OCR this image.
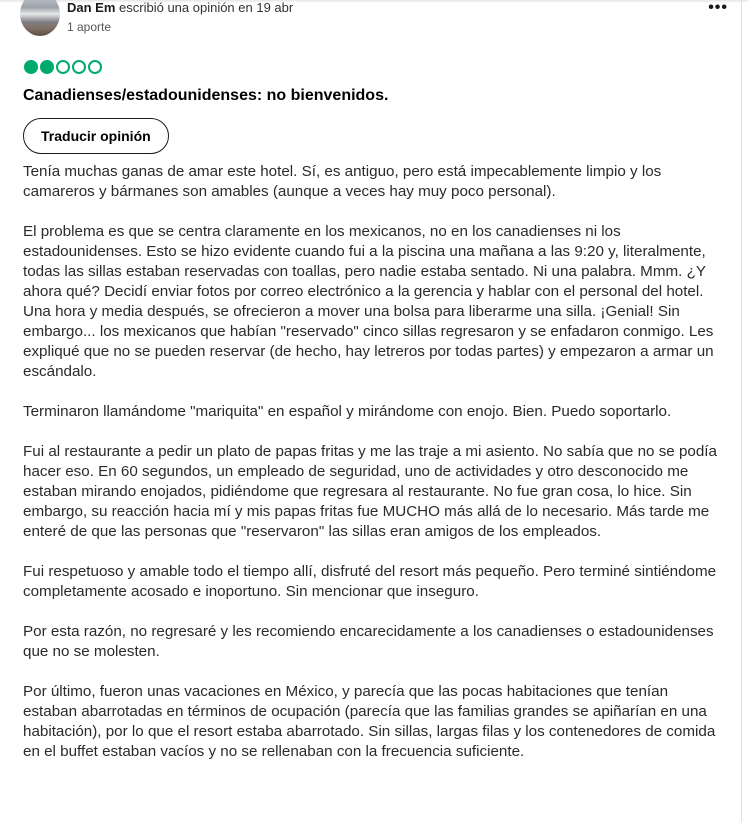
Dan Em escribió una opinión en 19 abr
1 aporte
•••
Canadienses/estadounidenses: no bienvenidos.
Traducir opinión

Tenía muchas ganas de amar este hotel. Sí, es antiguo, pero está impecablemente limpio y los camareros y bármanes son amables (aunque a veces hay muy poco personal).

El problema es que se centra claramente en los mexicanos, no en los canadienses ni los estadounidenses. Esto se hizo evidente cuando fui a la piscina una mañana a las 9:20 y, literalmente, todas las sillas estaban reservadas con toallas, pero nadie estaba sentado. Ni una palabra. Mmm. ¿Y ahora qué? Decidí enviar fotos por correo electrónico a la gerencia y hablar con el personal del hotel. Una hora y media después, se ofrecieron a mover una bolsa para liberarme una silla. ¡Genial! Sin embargo... los mexicanos que habían "reservado" cinco sillas regresaron y se enfadaron conmigo. Les expliqué que no se pueden reservar (de hecho, hay letreros por todas partes) y empezaron a armar un escándalo.

Terminaron llamándome "mariquita" en español y mirándome con enojo. Bien. Puedo soportarlo.

Fui al restaurante a pedir un plato de papas fritas y me las traje a mi asiento. No sabía que no se podía hacer eso. En 60 segundos, un empleado de seguridad, uno de actividades y otro desconocido me estaban mirando enojados, pidiéndome que regresara al restaurante. No fue gran cosa, lo hice. Sin embargo, su reacción hacia mí y mis papas fritas fue MUCHO más allá de lo necesario. Más tarde me enteré de que las personas que "reservaron" las sillas eran amigos de los empleados.

Fui respetuoso y amable todo el tiempo allí, disfruté del resort más pequeño. Pero terminé sintiéndome completamente acosado e inoportuno. Sin mencionar que inseguro.

Por esta razón, no regresaré y les recomiendo encarecidamente a los canadienses o estadounidenses que no se molesten.

Por último, fueron unas vacaciones en México, y parecía que las pocas habitaciones que tenían estaban abarrotadas en términos de ocupación (parecía que las familias grandes se apiñarían en una habitación), por lo que el resort estaba abarrotado. Sin sillas, largas filas y los contenedores de comida en el buffet estaban vacíos y no se rellenaban con la frecuencia suficiente.
